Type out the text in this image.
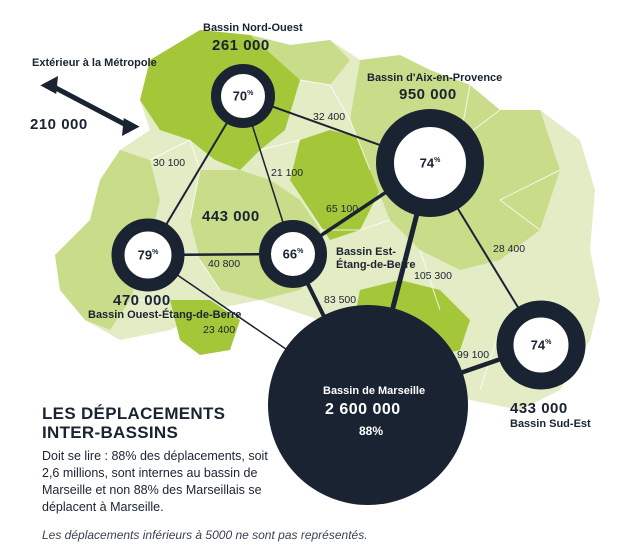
70%
74%
66%
79%
74%
Extérieur à la Métropole
210 000
Bassin Nord-Ouest
261 000
Bassin d'Aix-en-Provence
950 000
443 000
Bassin Est-
Étang-de-Berre
470 000
Bassin Ouest-Étang-de-Berre
Bassin de Marseille
2 600 000
88%
433 000
Bassin Sud-Est
32 400
30 100
21 100
65 100
40 800
28 400
105 300
83 500
23 400
99 100
LES DÉPLACEMENTS
INTER-BASSINS
Doit se lire : 88% des déplacements, soit 2,6 millions, sont internes au bassin de Marseille et non 88% des Marseillais se déplacent à Marseille.
Les déplacements inférieurs à 5000 ne sont pas représentés.
